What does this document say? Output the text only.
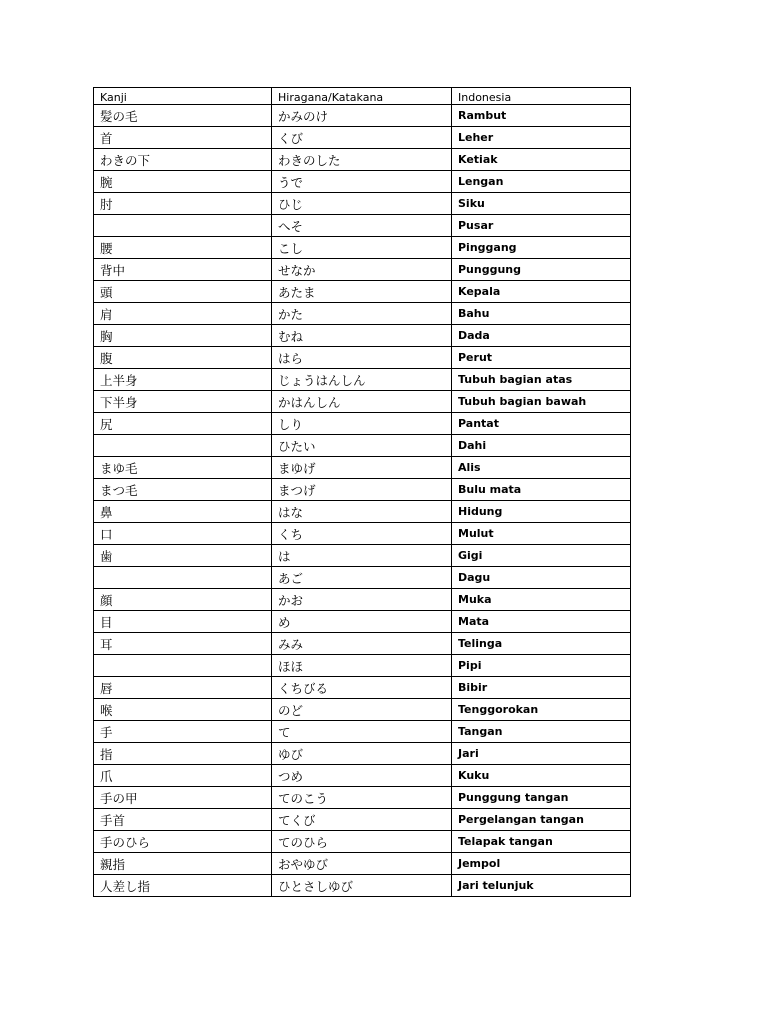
Kanji	Hiragana/Katakana	Indonesia
髪の毛	かみのけ	Rambut
首	くび	Leher
わきの下	わきのした	Ketiak
腕	うで	Lengan
肘	ひじ	Siku
	へそ	Pusar
腰	こし	Pinggang
背中	せなか	Punggung
頭	あたま	Kepala
肩	かた	Bahu
胸	むね	Dada
腹	はら	Perut
上半身	じょうはんしん	Tubuh bagian atas
下半身	かはんしん	Tubuh bagian bawah
尻	しり	Pantat
	ひたい	Dahi
まゆ毛	まゆげ	Alis
まつ毛	まつげ	Bulu mata
鼻	はな	Hidung
口	くち	Mulut
歯	は	Gigi
	あご	Dagu
顔	かお	Muka
目	め	Mata
耳	みみ	Telinga
	ほほ	Pipi
唇	くちびる	Bibir
喉	のど	Tenggorokan
手	て	Tangan
指	ゆび	Jari
爪	つめ	Kuku
手の甲	てのこう	Punggung tangan
手首	てくび	Pergelangan tangan
手のひら	てのひら	Telapak tangan
親指	おやゆび	Jempol
人差し指	ひとさしゆび	Jari telunjuk
